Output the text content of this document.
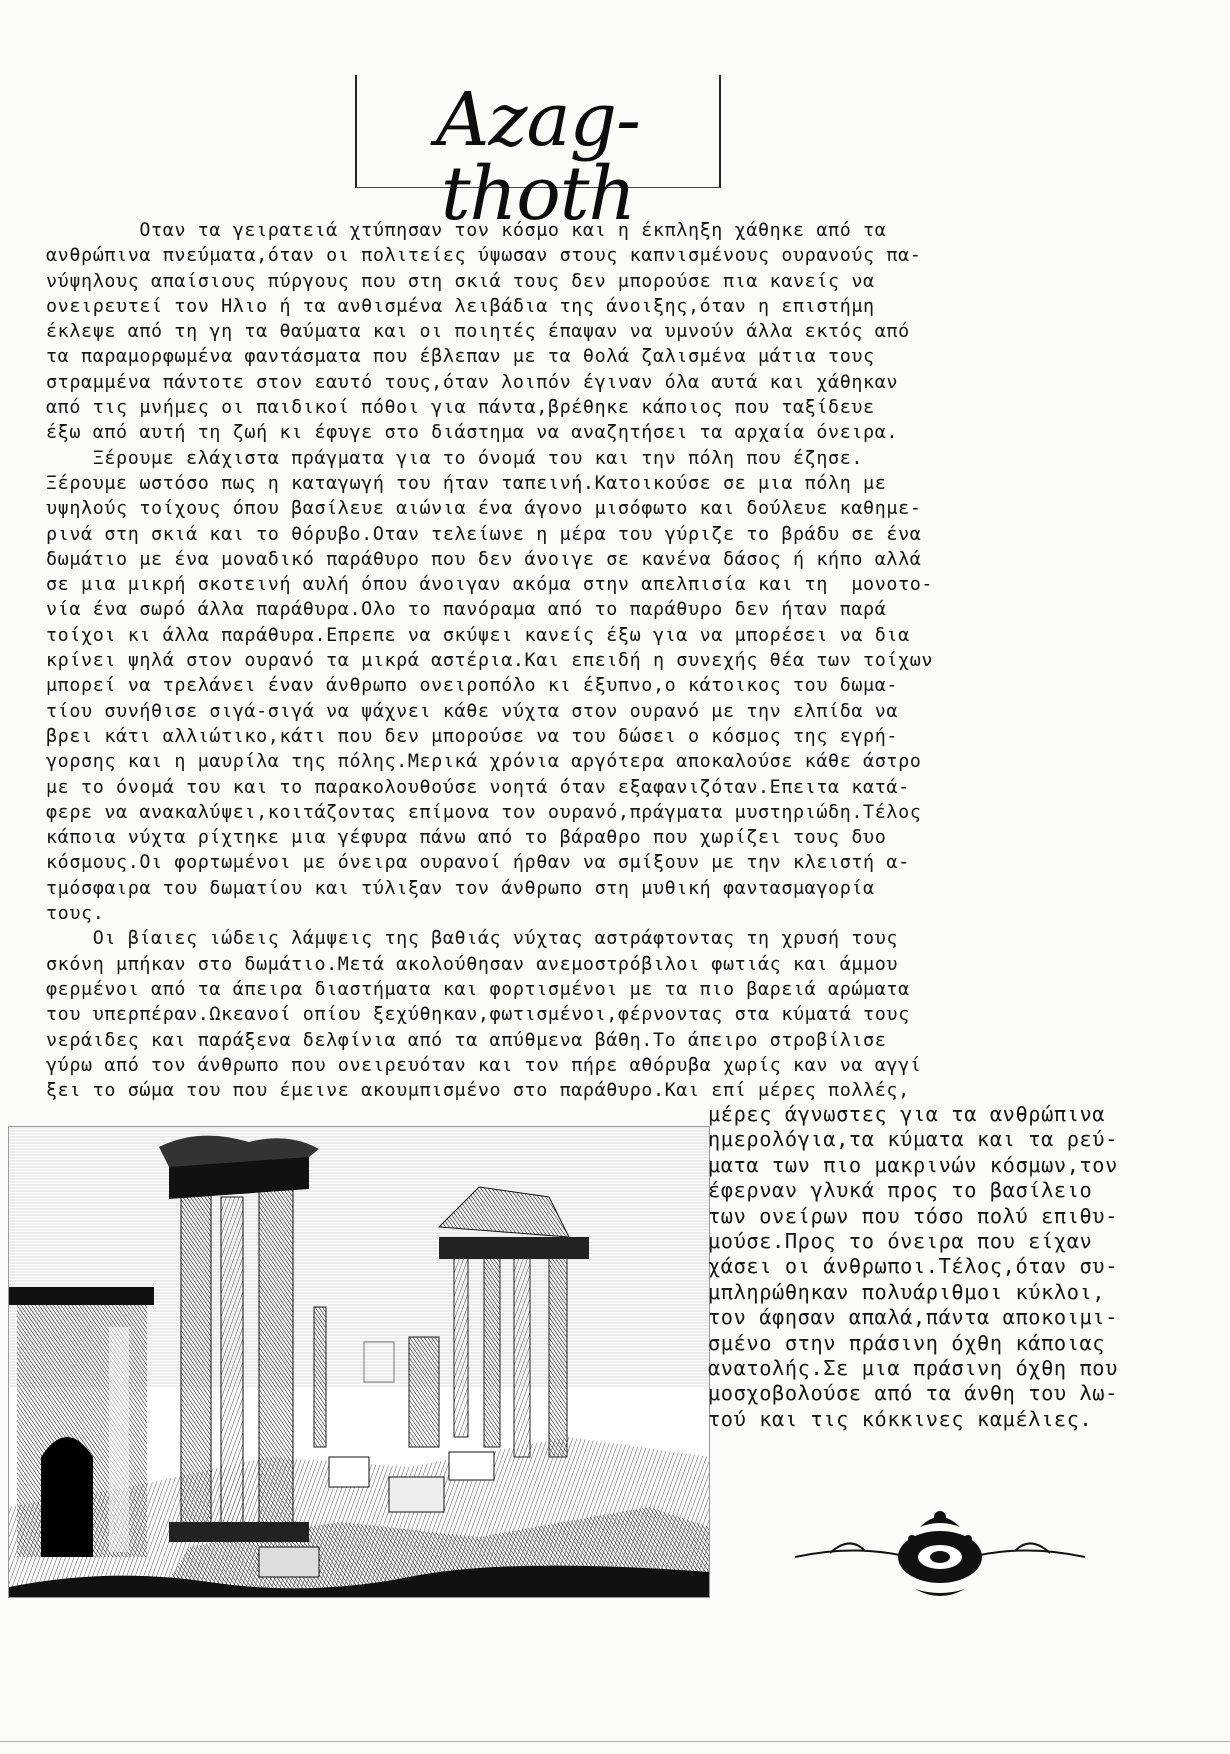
Azag-thoth
Οταν τα γειρατειά χτύπησαν τον κόσμο και η έκπληξη χάθηκε από τα
ανθρώπινα πνεύματα,όταν οι πολιτείες ύψωσαν στους καπνισμένους ουρανούς πα-
νύψηλους απαίσιους πύργους που στη σκιά τους δεν μπορούσε πια κανείς να
ονειρευτεί τον Ηλιο ή τα ανθισμένα λειβάδια της άνοιξης,όταν η επιστήμη
έκλεψε από τη γη τα θαύματα και οι ποιητές έπαψαν να υμνούν άλλα εκτός από
τα παραμορφωμένα φαντάσματα που έβλεπαν με τα θολά ζαλισμένα μάτια τους
στραμμένα πάντοτε στον εαυτό τους,όταν λοιπόν έγιναν όλα αυτά και χάθηκαν
από τις μνήμες οι παιδικοί πόθοι για πάντα,βρέθηκε κάποιος που ταξίδευε
έξω από αυτή τη ζωή κι έφυγε στο διάστημα να αναζητήσει τα αρχαία όνειρα.
Ξέρουμε ελάχιστα πράγματα για το όνομά του και την πόλη που έζησε.
Ξέρουμε ωστόσο πως η καταγωγή του ήταν ταπεινή.Κατοικούσε σε μια πόλη με
υψηλούς τοίχους όπου βασίλευε αιώνια ένα άγονο μισόφωτο και δούλευε καθημε-
ρινά στη σκιά και το θόρυβο.Οταν τελείωνε η μέρα του γύριζε το βράδυ σε ένα
δωμάτιο με ένα μοναδικό παράθυρο που δεν άνοιγε σε κανένα δάσος ή κήπο αλλά
σε μια μικρή σκοτεινή αυλή όπου άνοιγαν ακόμα στην απελπισία και τη  μονοτο-
νία ένα σωρό άλλα παράθυρα.Ολο το πανόραμα από το παράθυρο δεν ήταν παρά
τοίχοι κι άλλα παράθυρα.Επρεπε να σκύψει κανείς έξω για να μπορέσει να δια
κρίνει ψηλά στον ουρανό τα μικρά αστέρια.Και επειδή η συνεχής θέα των τοίχων
μπορεί να τρελάνει έναν άνθρωπο ονειροπόλο κι έξυπνο,ο κάτοικος του δωμα-
τίου συνήθισε σιγά-σιγά να ψάχνει κάθε νύχτα στον ουρανό με την ελπίδα να
βρει κάτι αλλιώτικο,κάτι που δεν μπορούσε να του δώσει ο κόσμος της εγρή-
γορσης και η μαυρίλα της πόλης.Μερικά χρόνια αργότερα αποκαλούσε κάθε άστρο
με το όνομά του και το παρακολουθούσε νοητά όταν εξαφανιζόταν.Επειτα κατά-
φερε να ανακαλύψει,κοιτάζοντας επίμονα τον ουρανό,πράγματα μυστηριώδη.Τέλος
κάποια νύχτα ρίχτηκε μια γέφυρα πάνω από το βάραθρο που χωρίζει τους δυο
κόσμους.Οι φορτωμένοι με όνειρα ουρανοί ήρθαν να σμίξουν με την κλειστή α-
τμόσφαιρα του δωματίου και τύλιξαν τον άνθρωπο στη μυθική φαντασμαγορία
τους.
Οι βίαιες ιώδεις λάμψεις της βαθιάς νύχτας αστράφτοντας τη χρυσή τους
σκόνη μπήκαν στο δωμάτιο.Μετά ακολούθησαν ανεμοστρόβιλοι φωτιάς και άμμου
φερμένοι από τα άπειρα διαστήματα και φορτισμένοι με τα πιο βαρειά αρώματα
του υπερπέραν.Ωκεανοί οπίου ξεχύθηκαν,φωτισμένοι,φέρνοντας στα κύματά τους
νεράιδες και παράξενα δελφίνια από τα απύθμενα βάθη.Το άπειρο στροβίλισε
γύρω από τον άνθρωπο που ονειρευόταν και τον πήρε αθόρυβα χωρίς καν να αγγί
ξει το σώμα του που έμεινε ακουμπισμένο στο παράθυρο.Και επί μέρες πολλές,
μέρες άγνωστες για τα ανθρώπινα
ημερολόγια,τα κύματα και τα ρεύ-
ματα των πιο μακρινών κόσμων,τον
έφερναν γλυκά προς το βασίλειο
των ονείρων που τόσο πολύ επιθυ-
μούσε.Προς το όνειρα που είχαν
χάσει οι άνθρωποι.Τέλος,όταν συ-
μπληρώθηκαν πολυάριθμοι κύκλοι,
τον άφησαν απαλά,πάντα αποκοιμι-
σμένο στην πράσινη όχθη κάποιας
ανατολής.Σε μια πράσινη όχθη που
μοσχοβολούσε από τα άνθη του λω-
τού και τις κόκκινες καμέλιες.
